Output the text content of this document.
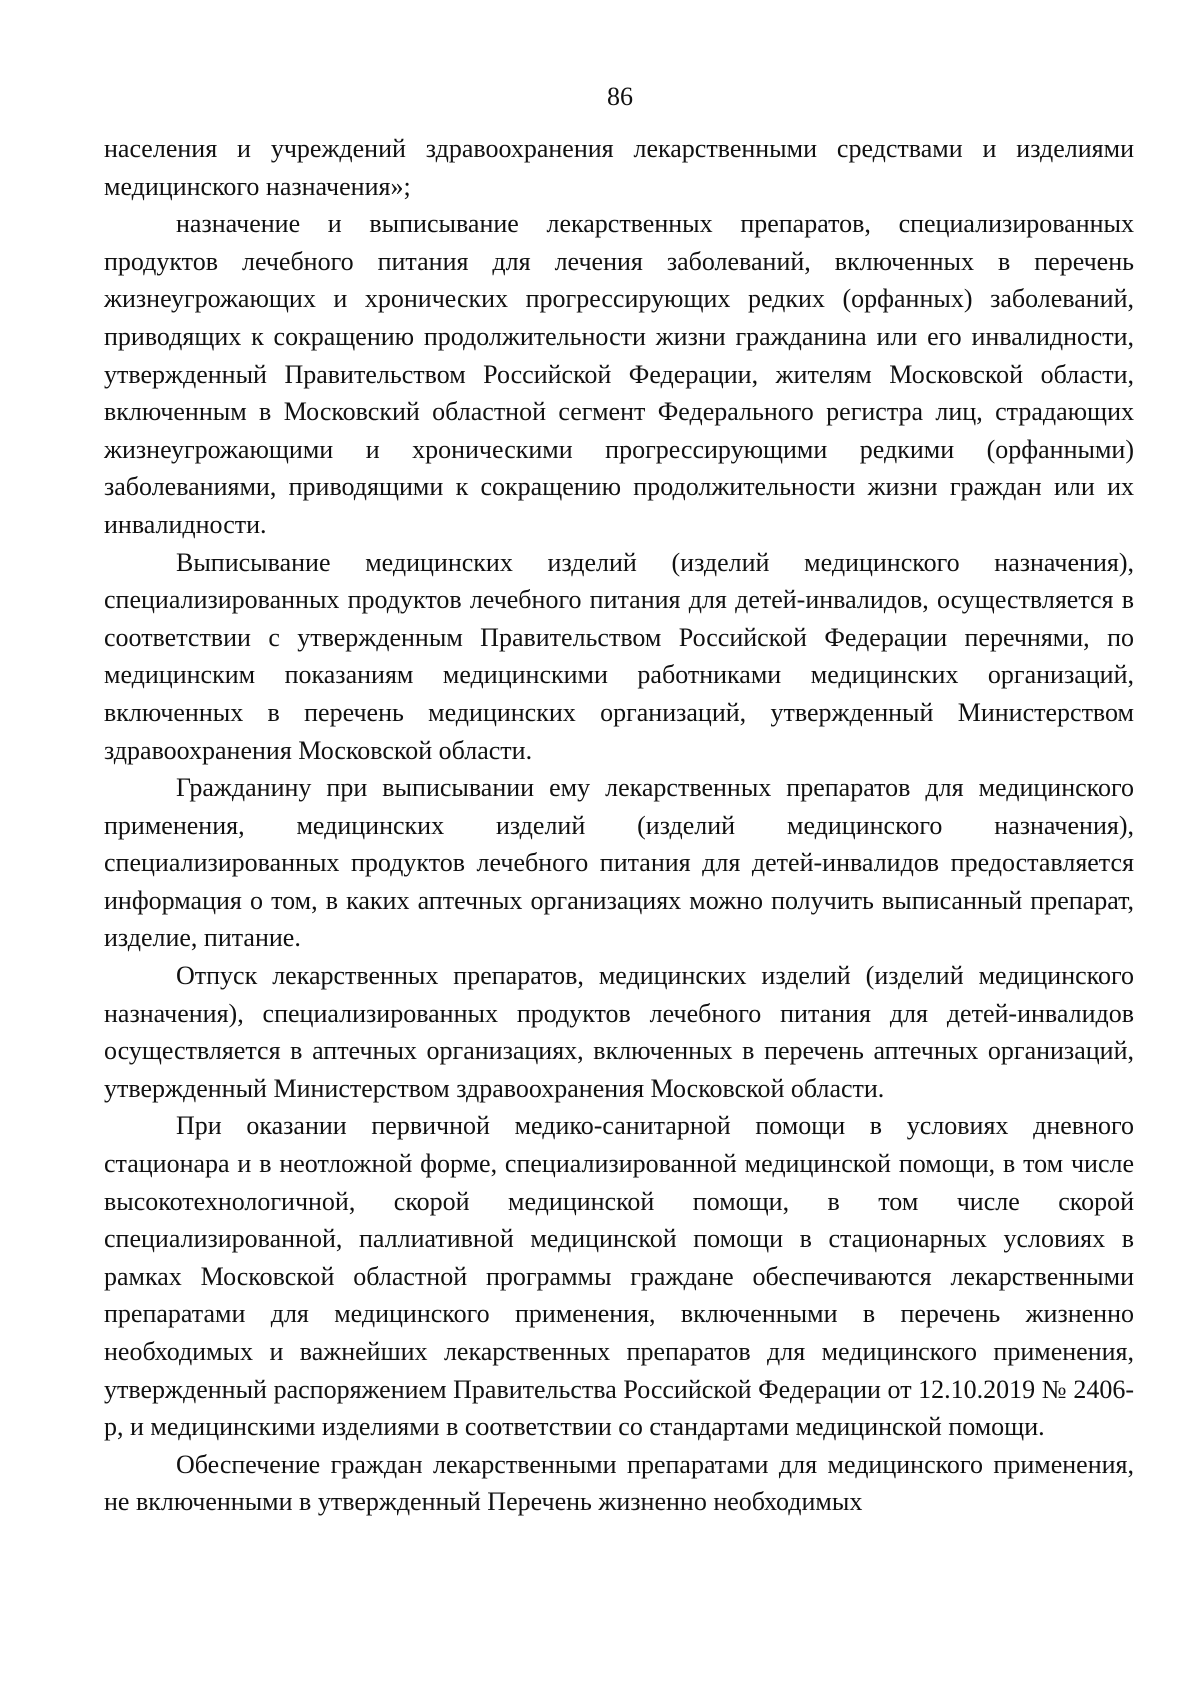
86

населения и учреждений здравоохранения лекарственными средствами и изделиями медицинского назначения»;

назначение и выписывание лекарственных препаратов, специализированных продуктов лечебного питания для лечения заболеваний, включенных в перечень жизнеугрожающих и хронических прогрессирующих редких (орфанных) заболеваний, приводящих к сокращению продолжительности жизни гражданина или его инвалидности, утвержденный Правительством Российской Федерации, жителям Московской области, включенным в Московский областной сегмент Федерального регистра лиц, страдающих жизнеугрожающими и хроническими прогрессирующими редкими (орфанными) заболеваниями, приводящими к сокращению продолжительности жизни граждан или их инвалидности.

Выписывание медицинских изделий (изделий медицинского назначения), специализированных продуктов лечебного питания для детей-инвалидов, осуществляется в соответствии с утвержденным Правительством Российской Федерации перечнями, по медицинским показаниям медицинскими работниками медицинских организаций, включенных в перечень медицинских организаций, утвержденный Министерством здравоохранения Московской области.

Гражданину при выписывании ему лекарственных препаратов для медицинского применения, медицинских изделий (изделий медицинского назначения), специализированных продуктов лечебного питания для детей-инвалидов предоставляется информация о том, в каких аптечных организациях можно получить выписанный препарат, изделие, питание.

Отпуск лекарственных препаратов, медицинских изделий (изделий медицинского назначения), специализированных продуктов лечебного питания для детей-инвалидов осуществляется в аптечных организациях, включенных в перечень аптечных организаций, утвержденный Министерством здравоохранения Московской области.

При оказании первичной медико-санитарной помощи в условиях дневного стационара и в неотложной форме, специализированной медицинской помощи, в том числе высокотехнологичной, скорой медицинской помощи, в том числе скорой специализированной, паллиативной медицинской помощи в стационарных условиях в рамках Московской областной программы граждане обеспечиваются лекарственными препаратами для медицинского применения, включенными в перечень жизненно необходимых и важнейших лекарственных препаратов для медицинского применения, утвержденный распоряжением Правительства Российской Федерации от 12.10.2019 № 2406-р, и медицинскими изделиями в соответствии со стандартами медицинской помощи.

Обеспечение граждан лекарственными препаратами для медицинского применения, не включенными в утвержденный Перечень жизненно необходимых
